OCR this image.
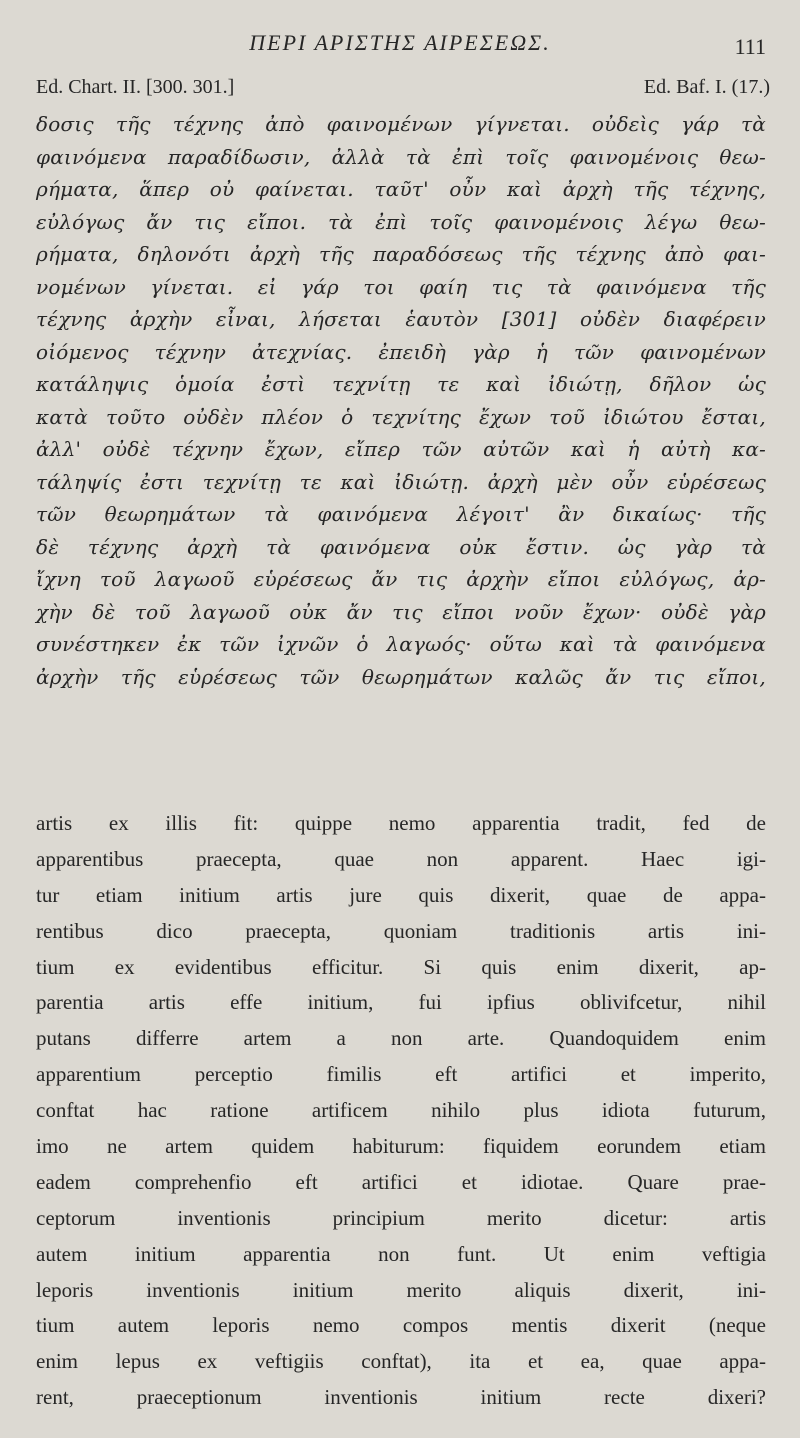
ΠΕΡΙ ΑΡΙΣΤΗΣ ΑΙΡΕΣΕΩΣ.	111
Ed. Chart. II. [300. 301.]	Ed. Baf. I. (17.)
δοσις τῆς τέχνης ἀπὸ φαινομένων γίγνεται. οὐδεὶς γάρ τὰ
φαινόμενα παραδίδωσιν, ἀλλὰ τὰ ἐπὶ τοῖς φαινομένοις θεω-
ρήματα, ἅπερ οὐ φαίνεται. ταῦτ' οὖν καὶ ἀρχὴ τῆς τέχνης,
εὐλόγως ἄν τις εἴποι. τὰ ἐπὶ τοῖς φαινομένοις λέγω θεω-
ρήματα, δηλονότι ἀρχὴ τῆς παραδόσεως τῆς τέχνης ἀπὸ φαι-
νομένων γίνεται. εἰ γάρ τοι φαίη τις τὰ φαινόμενα τῆς
τέχνης ἀρχὴν εἶναι, λήσεται ἑαυτὸν [301] οὐδὲν διαφέρειν
οἰόμενος τέχνην ἀτεχνίας. ἐπειδὴ γὰρ ἡ τῶν φαινομένων
κατάληψις ὁμοία ἐστὶ τεχνίτῃ τε καὶ ἰδιώτῃ, δῆλον ὡς
κατὰ τοῦτο οὐδὲν πλέον ὁ τεχνίτης ἔχων τοῦ ἰδιώτου ἔσται,
ἀλλ' οὐδὲ τέχνην ἔχων, εἴπερ τῶν αὐτῶν καὶ ἡ αὐτὴ κα-
τάληψίς ἐστι τεχνίτῃ τε καὶ ἰδιώτῃ. ἀρχὴ μὲν οὖν εὑρέσεως
τῶν θεωρημάτων τὰ φαινόμενα λέγοιτ' ἂν δικαίως· τῆς
δὲ τέχνης ἀρχὴ τὰ φαινόμενα οὐκ ἔστιν. ὡς γὰρ τὰ
ἴχνη τοῦ λαγωοῦ εὑρέσεως ἄν τις ἀρχὴν εἴποι εὐλόγως, ἀρ-
χὴν δὲ τοῦ λαγωοῦ οὐκ ἄν τις εἴποι νοῦν ἔχων· οὐδὲ γὰρ
συνέστηκεν ἐκ τῶν ἰχνῶν ὁ λαγωός· οὕτω καὶ τὰ φαινόμενα
ἀρχὴν τῆς εὑρέσεως τῶν θεωρημάτων καλῶς ἄν τις εἴποι,
artis ex illis fit: quippe nemo apparentia tradit, fed de
apparentibus praecepta, quae non apparent. Haec igi-
tur etiam initium artis jure quis dixerit, quae de appa-
rentibus dico praecepta, quoniam traditionis artis ini-
tium ex evidentibus efficitur. Si quis enim dixerit, ap-
parentia artis effe initium, fui ipfius oblivifcetur, nihil
putans differre artem a non arte. Quandoquidem enim
apparentium perceptio fimilis eft artifici et imperito,
conftat hac ratione artificem nihilo plus idiota futurum,
imo ne artem quidem habiturum: fiquidem eorundem etiam
eadem comprehenfio eft artifici et idiotae. Quare prae-
ceptorum inventionis principium merito dicetur: artis
autem initium apparentia non funt. Ut enim veftigia
leporis inventionis initium merito aliquis dixerit, ini-
tium autem leporis nemo compos mentis dixerit (neque
enim lepus ex veftigiis conftat), ita et ea, quae appa-
rent, praeceptionum inventionis initium recte dixeri?
